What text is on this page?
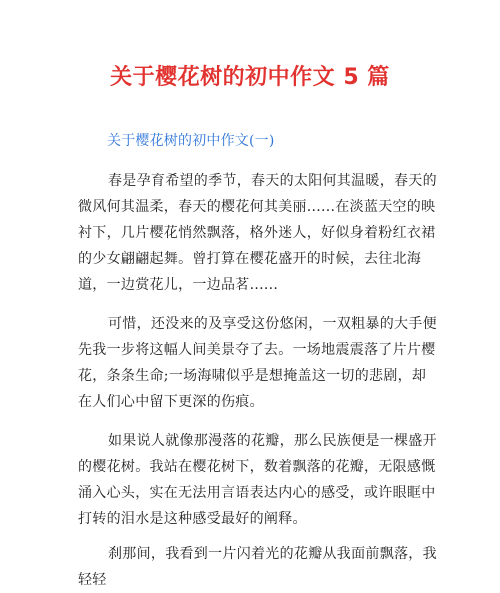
关于樱花树的初中作文 5 篇
关于樱花树的初中作文(一)

春是孕育希望的季节，春天的太阳何其温暖，春天的微风何其温柔，春天的樱花何其美丽......在淡蓝天空的映衬下，几片樱花悄然飘落，格外迷人，好似身着粉红衣裙的少女翩翩起舞。曾打算在樱花盛开的时候，去往北海道，一边赏花儿，一边品茗......

可惜，还没来的及享受这份悠闲，一双粗暴的大手便先我一步将这幅人间美景夺了去。一场地震震落了片片樱花，条条生命;一场海啸似乎是想掩盖这一切的悲剧，却在人们心中留下更深的伤痕。

如果说人就像那漫落的花瓣，那么民族便是一棵盛开的樱花树。我站在樱花树下，数着飘落的花瓣，无限感慨涌入心头，实在无法用言语表达内心的感受，或许眼眶中打转的泪水是这种感受最好的阐释。

刹那间，我看到一片闪着光的花瓣从我面前飘落，我轻轻
